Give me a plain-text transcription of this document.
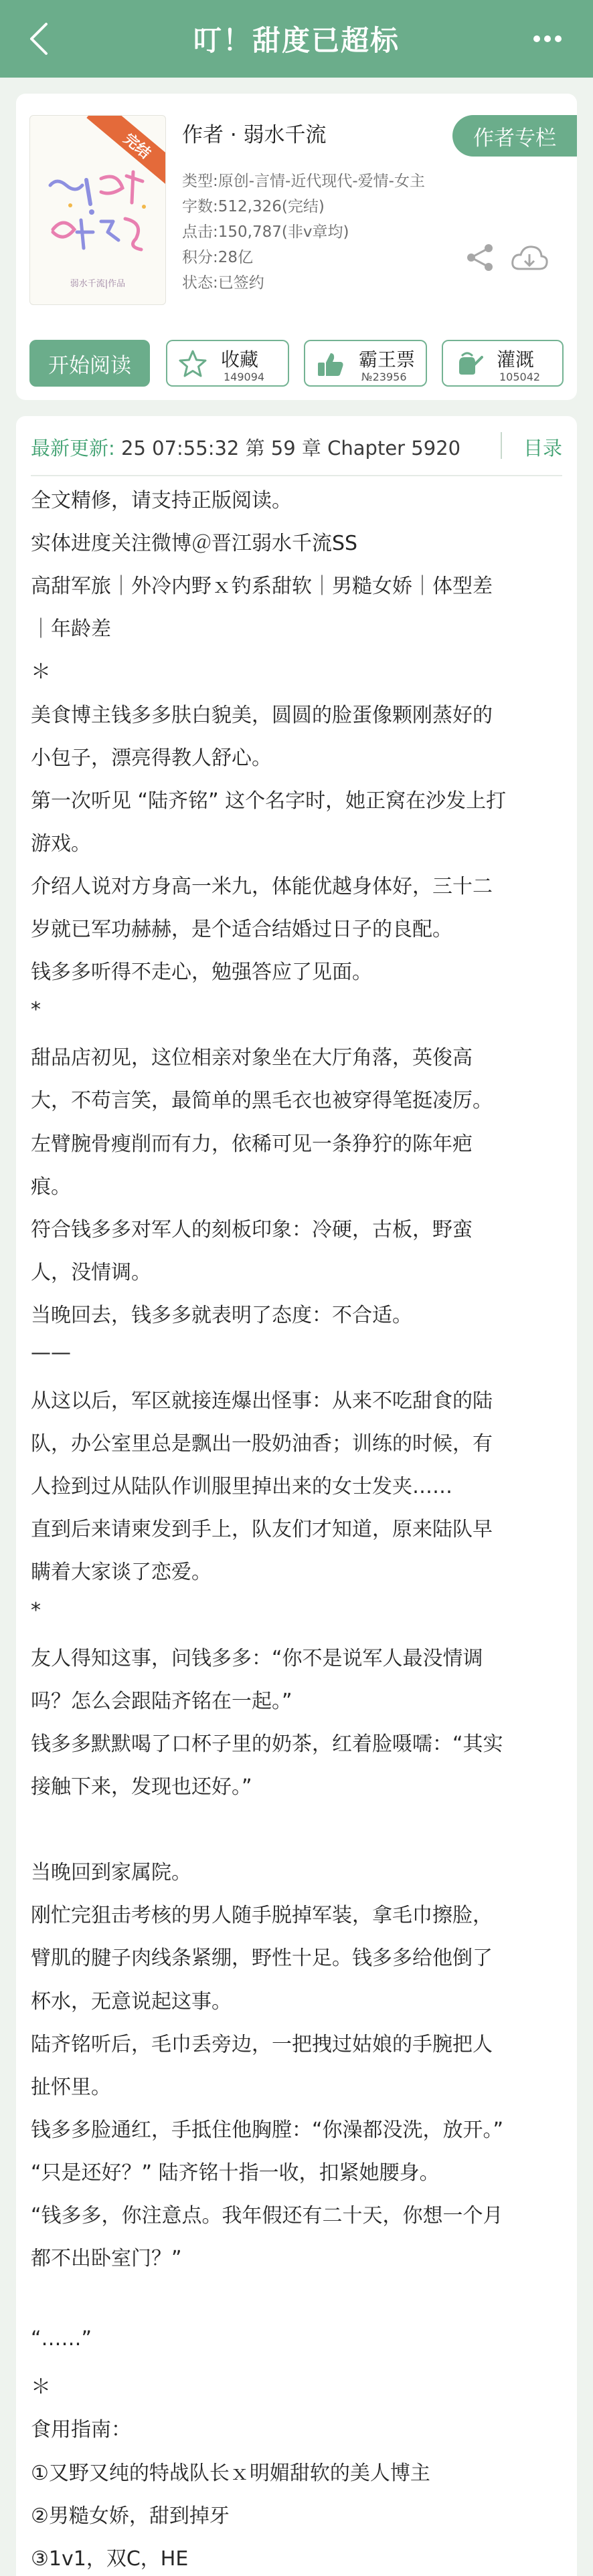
叮！甜度已超标
完结
弱水千流|作品
作者 · 弱水千流	作者专栏
类型:原创-言情-近代现代-爱情-女主
字数:512,326(完结)
点击:150,787(非v章均)
积分:28亿
状态:已签约
开始阅读	收藏
149094
霸王票
№23956
灌溉
105042
最新更新: 25 07:55:32 第 59 章 Chapter 5920	目录
全文精修，请支持正版阅读。
实体进度关注微博＠晋江弱水千流SS
高甜军旅｜外冷内野ｘ钓系甜软｜男糙女娇｜体型差
｜年龄差
＊
美食博主钱多多肤白貌美，圆圆的脸蛋像颗刚蒸好的
小包子，漂亮得教人舒心。
第一次听见 “陆齐铭” 这个名字时，她正窝在沙发上打
游戏。
介绍人说对方身高一米九，体能优越身体好，三十二
岁就已军功赫赫，是个适合结婚过日子的良配。
钱多多听得不走心，勉强答应了见面。
*
甜品店初见，这位相亲对象坐在大厅角落，英俊高
大，不苟言笑，最简单的黑毛衣也被穿得笔挺凌厉。
左臂腕骨瘦削而有力，依稀可见一条狰狞的陈年疤
痕。
符合钱多多对军人的刻板印象：冷硬，古板，野蛮
人，没情调。
当晚回去，钱多多就表明了态度：不合适。
——
从这以后，军区就接连爆出怪事：从来不吃甜食的陆
队，办公室里总是飘出一股奶油香；训练的时候，有
人捡到过从陆队作训服里掉出来的女士发夹……
直到后来请柬发到手上，队友们才知道，原来陆队早
瞒着大家谈了恋爱。
*
友人得知这事，问钱多多：“你不是说军人最没情调
吗？怎么会跟陆齐铭在一起。”
钱多多默默喝了口杯子里的奶茶，红着脸嗫嚅：“其实
接触下来，发现也还好。”
当晚回到家属院。
刚忙完狙击考核的男人随手脱掉军装，拿毛巾擦脸，
臂肌的腱子肉线条紧绷，野性十足。钱多多给他倒了
杯水，无意说起这事。
陆齐铭听后，毛巾丢旁边，一把拽过姑娘的手腕把人
扯怀里。
钱多多脸通红，手抵住他胸膛：“你澡都没洗，放开。”
“只是还好？” 陆齐铭十指一收，扣紧她腰身。
“钱多多，你注意点。我年假还有二十天，你想一个月
都不出卧室门？”
“……”
＊
食用指南：
①又野又纯的特战队长ｘ明媚甜软的美人博主
②男糙女娇，甜到掉牙
③1v1，双C，HE
